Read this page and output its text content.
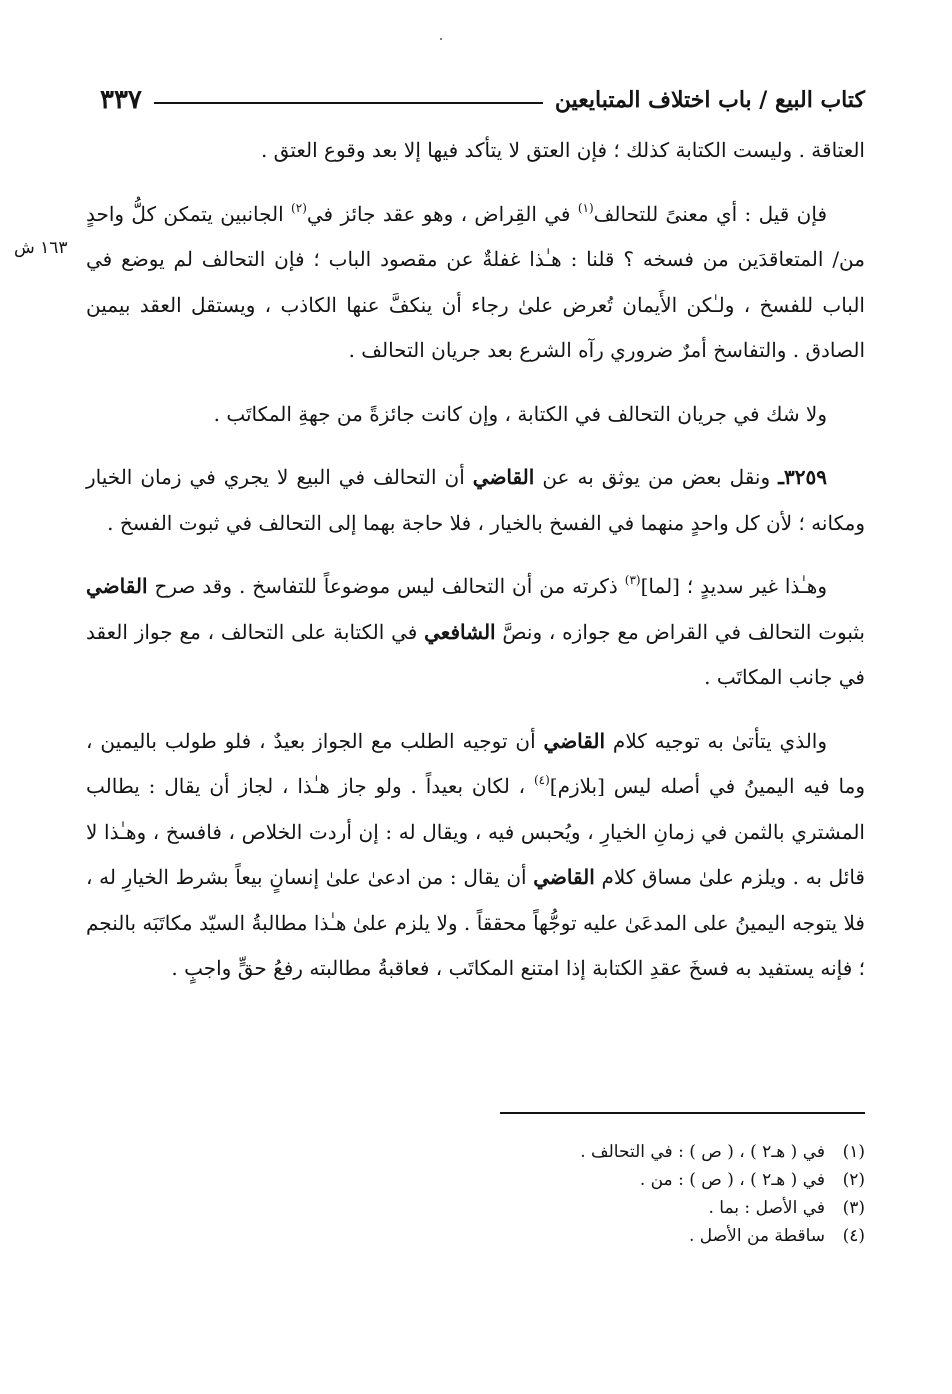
كتاب البيع / باب اختلاف المتبايعين
٣٣٧
١٦٣ ش

العتاقة . وليست الكتابة كذلك ؛ فإن العتق لا يتأكد فيها إلا بعد وقوع العتق .

فإن قيل : أي معنىً للتحالف$^{(١)}$ في القِراض ، وهو عقد جائز في$^{(٢)}$ الجانبين يتمكن كلُّ واحدٍ من/ المتعاقدَين من فسخه ؟ قلنا : هـٰذا غفلةٌ عن مقصود الباب ؛ فإن التحالف لم يوضع في الباب للفسخ ، ولـٰكن الأَيمان تُعرض علىٰ رجاء أن ينكفَّ عنها الكاذب ، ويستقل العقد بيمين الصادق . والتفاسخ أمرٌ ضروري رآه الشرع بعد جريان التحالف .

ولا شك في جريان التحالف في الكتابة ، وإن كانت جائزةً من جهةِ المكاتَب .

٣٢٥٩ـ ونقل بعض من يوثق به عن القاضي أن التحالف في البيع لا يجري في زمان الخيار ومكانه ؛ لأن كل واحدٍ منهما في الفسخ بالخيار ، فلا حاجة بهما إلى التحالف في ثبوت الفسخ .

وهـٰذا غير سديدٍ ؛ [لما]$^{(٣)}$ ذكرته من أن التحالف ليس موضوعاً للتفاسخ . وقد صرح القاضي بثبوت التحالف في القراض مع جوازه ، ونصَّ الشافعي في الكتابة على التحالف ، مع جواز العقد في جانب المكاتَب .

والذي يتأتىٰ به توجيه كلام القاضي أن توجيه الطلب مع الجواز بعيدٌ ، فلو طولب باليمين ، وما فيه اليمينُ في أصله ليس [بلازم]$^{(٤)}$ ، لكان بعيداً . ولو جاز هـٰذا ، لجاز أن يقال : يطالب المشتري بالثمن في زمانِ الخيارِ ، ويُحبس فيه ، ويقال له : إن أردت الخلاص ، فافسخ ، وهـٰذا لا قائل به . ويلزم علىٰ مساق كلام القاضي أن يقال : من ادعىٰ علىٰ إنسانٍ بيعاً بشرط الخيارِ له ، فلا يتوجه اليمينُ على المدعَىٰ عليه توجُّهاً محققاً . ولا يلزم علىٰ هـٰذا مطالبةُ السيّد مكاتَبَه بالنجم ؛ فإنه يستفيد به فسخَ عقدِ الكتابة إذا امتنع المكاتَب ، فعاقبةُ مطالبته رفعُ حقٍّ واجبٍ .

(١)
في ( هـ٢ ) ، ( ص ) : في التحالف .
(٢)
في ( هـ٢ ) ، ( ص ) : من .
(٣)
في الأصل : بما .
(٤)
ساقطة من الأصل .
